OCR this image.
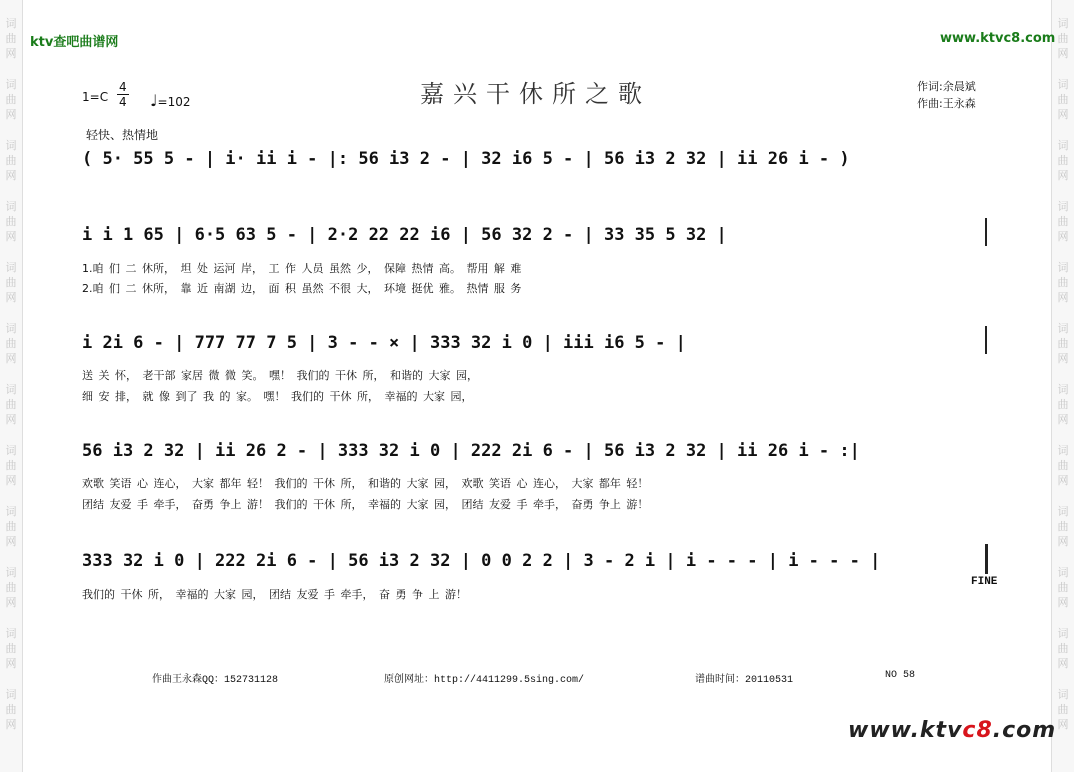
词
曲
网
词
曲
网
词
曲
网
词
曲
网
词
曲
网
词
曲
网
词
曲
网
词
曲
网
词
曲
网
词
曲
网
词
曲
网
词
曲
网
词
曲
网
词
曲
网
词
曲
网
词
曲
网
词
曲
网
词
曲
网
词
曲
网
词
曲
网
词
曲
网
词
曲
网
词
曲
网
词
曲
网
ktv查吧曲谱网	www.ktvc8.com
嘉兴干休所之歌	作词:余晨斌
作曲:王永森
1=C
4
4 ♩=102
轻快、热情地
( 5· 55 5 - | i· ii i - |: 56 i3 2 - | 32 i6 5 - | 56 i3 2 32 | ii 26 i - )
i i 1 65 | 6·5 63 5 - | 2·2 22 22 i6 | 56 32 2 - | 33 35 5 32 |
1.咱 们 二 休所， 坦 处 运河 岸， 工 作 人员 虽然 少， 保障 热情 高。 帮用 解 难
2.咱 们 二 休所， 靠 近 南湖 边， 面 积 虽然 不很 大， 环境 挺优 雅。 热情 服 务
i 2i 6 - | 777 77 7 5 | 3 - - × | 333 32 i 0 | iii i6 5 - |
送 关 怀， 老干部 家居 微 微 笑。 嘿！ 我们的 干休 所， 和谐的 大家 园，
细 安 排， 就 像 到了 我 的 家。 嘿！ 我们的 干休 所， 幸福的 大家 园，
56 i3 2 32 | ii 26 2 - | 333 32 i 0 | 222 2i 6 - | 56 i3 2 32 | ii 26 i - :|
欢歌 笑语 心 连心， 大家 都年 轻！ 我们的 干休 所， 和谐的 大家 园， 欢歌 笑语 心 连心， 大家 都年 轻！
团结 友爱 手 牵手， 奋勇 争上 游！ 我们的 干休 所， 幸福的 大家 园， 团结 友爱 手 牵手， 奋勇 争上 游！
333 32 i 0 | 222 2i 6 - | 56 i3 2 32 | 0 0 2 2 | 3 - 2 i | i - - - | i - - - |
我们的 干休 所， 幸福的 大家 园， 团结 友爱 手 牵手， 奋 勇 争 上 游！
FINE
作曲王永森QQ：152731128	原创网址：http://4411299.5sing.com/	谱曲时间：20110531	NO 58
www.ktvc8.com
